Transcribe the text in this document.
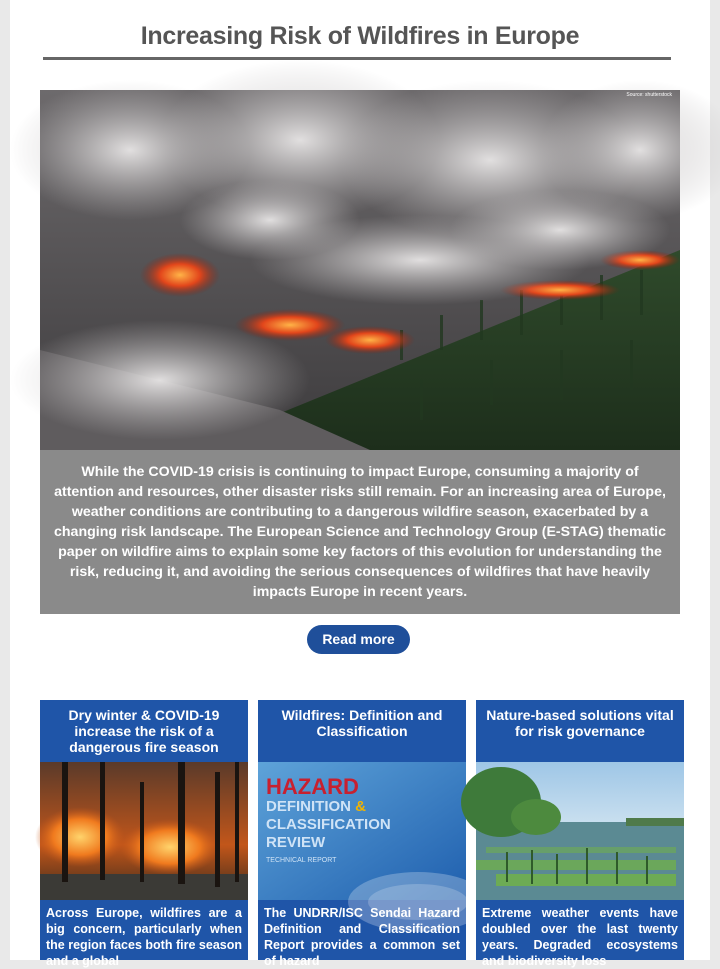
Increasing Risk of Wildfires in Europe
Source: shutterstock
While the COVID-19 crisis is continuing to impact Europe, consuming a majority of attention and resources, other disaster risks still remain. For an increasing area of Europe, weather conditions are contributing to a dangerous wildfire season, exacerbated by a changing risk landscape. The European Science and Technology Group (E-STAG) thematic paper on wildfire aims to explain some key factors of this evolution for understanding the risk, reducing it, and avoiding the serious consequences of wildfires that have heavily impacts Europe in recent years.
Read more
Dry winter & COVID-19 increase the risk of a dangerous fire season
Across Europe, wildfires are a big concern, particularly when the region faces both fire season and a global
Wildfires: Definition and Classification
HAZARD
DEFINITION &
CLASSIFICATION
REVIEW
TECHNICAL REPORT
The UNDRR/ISC Sendai Hazard Definition and Classification Report provides a common set of hazard
Nature-based solutions vital for risk governance
Extreme weather events have doubled over the last twenty years. Degraded ecosystems and biodiversity loss
